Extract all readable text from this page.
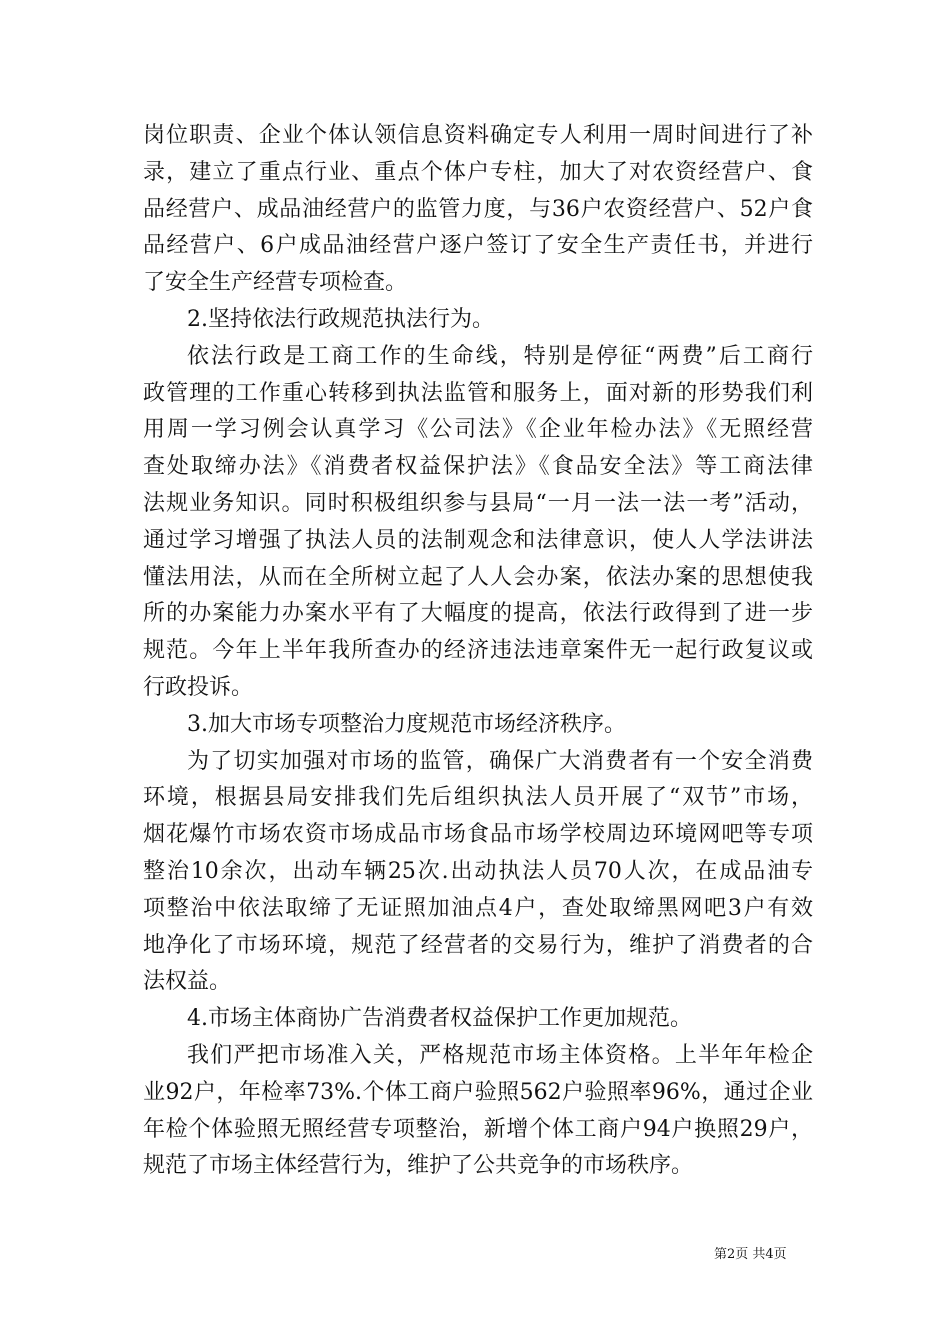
岗位职责、企业个体认领信息资料确定专人利用一周时间进行了补
录，建立了重点行业、重点个体户专柱，加大了对农资经营户、食
品经营户、成品油经营户的监管力度，与36户农资经营户、52户食
品经营户、6户成品油经营户逐户签订了安全生产责任书，并进行
了安全生产经营专项检查。
2.坚持依法行政规范执法行为。
依法行政是工商工作的生命线，特别是停征“两费”后工商行
政管理的工作重心转移到执法监管和服务上，面对新的形势我们利
用周一学习例会认真学习《公司法》《企业年检办法》《无照经营
查处取缔办法》《消费者权益保护法》《食品安全法》等工商法律
法规业务知识。同时积极组织参与县局“一月一法一法一考”活动，
通过学习增强了执法人员的法制观念和法律意识，使人人学法讲法
懂法用法，从而在全所树立起了人人会办案，依法办案的思想使我
所的办案能力办案水平有了大幅度的提高，依法行政得到了进一步
规范。今年上半年我所查办的经济违法违章案件无一起行政复议或
行政投诉。
3.加大市场专项整治力度规范市场经济秩序。
为了切实加强对市场的监管，确保广大消费者有一个安全消费
环境，根据县局安排我们先后组织执法人员开展了“双节”市场，
烟花爆竹市场农资市场成品市场食品市场学校周边环境网吧等专项
整治10余次，出动车辆25次.出动执法人员70人次，在成品油专
项整治中依法取缔了无证照加油点4户，查处取缔黑网吧3户有效
地净化了市场环境，规范了经营者的交易行为，维护了消费者的合
法权益。
4.市场主体商协广告消费者权益保护工作更加规范。
我们严把市场准入关，严格规范市场主体资格。上半年年检企
业92户，年检率73%.个体工商户验照562户验照率96%，通过企业
年检个体验照无照经营专项整治，新增个体工商户94户换照29户，
规范了市场主体经营行为，维护了公共竞争的市场秩序。
第2页 共4页
